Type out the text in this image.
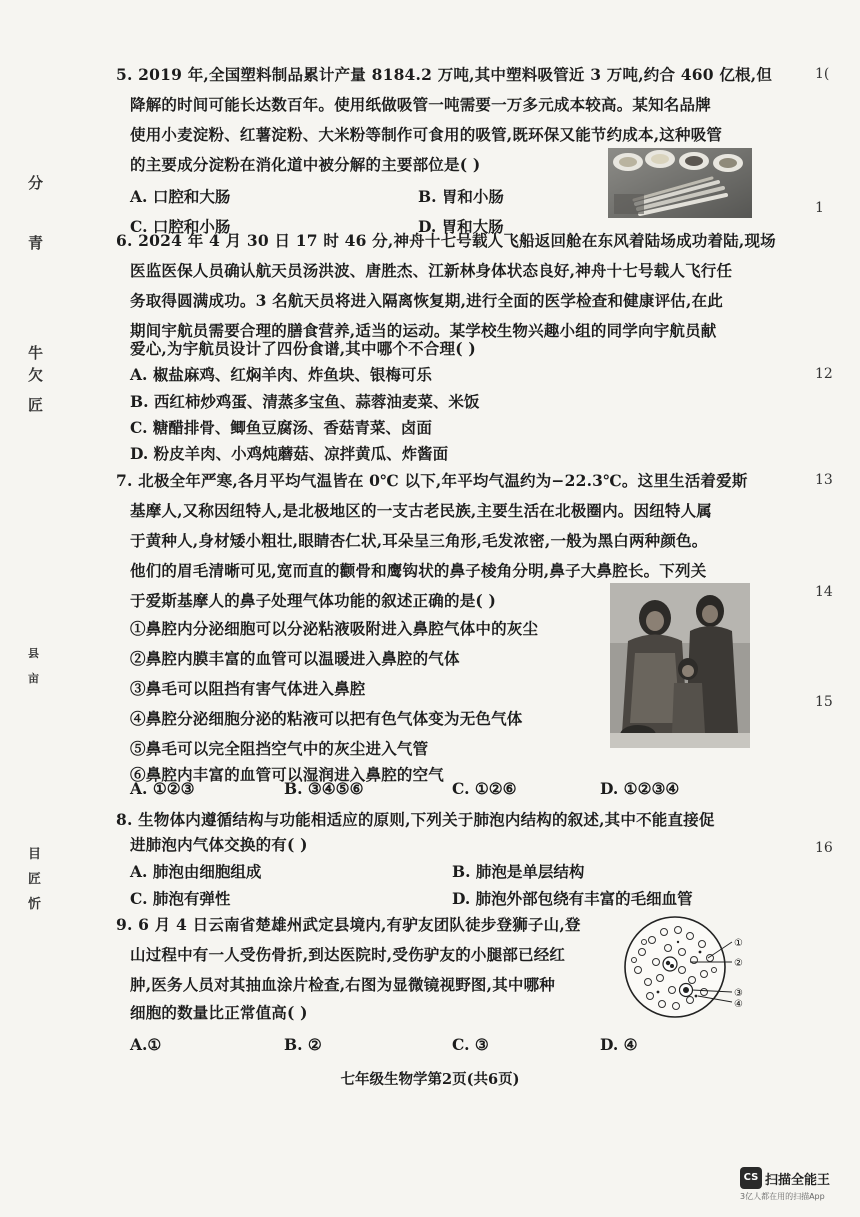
分
青
牛
欠
匠
县
亩
目
匠
忻
1(
1
12
13
14
15
16
5. 2019 年,全国塑料制品累计产量 8184.2 万吨,其中塑料吸管近 3 万吨,约合 460 亿根,但
降解的时间可能长达数百年。使用纸做吸管一吨需要一万多元成本较高。某知名品牌
使用小麦淀粉、红薯淀粉、大米粉等制作可食用的吸管,既环保又能节约成本,这种吸管
的主要成分淀粉在消化道中被分解的主要部位是( )
A. 口腔和大肠	B. 胃和小肠
C. 口腔和小肠	D. 胃和大肠
6. 2024 年 4 月 30 日 17 时 46 分,神舟十七号载人飞船返回舱在东风着陆场成功着陆,现场
医监医保人员确认航天员汤洪波、唐胜杰、江新林身体状态良好,神舟十七号载人飞行任
务取得圆满成功。3 名航天员将进入隔离恢复期,进行全面的医学检查和健康评估,在此
期间宇航员需要合理的膳食营养,适当的运动。某学校生物兴趣小组的同学向宇航员献
爱心,为宇航员设计了四份食谱,其中哪个不合理( )
A. 椒盐麻鸡、红焖羊肉、炸鱼块、银梅可乐
B. 西红柿炒鸡蛋、清蒸多宝鱼、蒜蓉油麦菜、米饭
C. 糖醋排骨、鲫鱼豆腐汤、香菇青菜、卤面
D. 粉皮羊肉、小鸡炖蘑菇、凉拌黄瓜、炸酱面
7. 北极全年严寒,各月平均气温皆在 0℃ 以下,年平均气温约为−22.3℃。这里生活着爱斯
基摩人,又称因纽特人,是北极地区的一支古老民族,主要生活在北极圈内。因纽特人属
于黄种人,身材矮小粗壮,眼睛杏仁状,耳朵呈三角形,毛发浓密,一般为黑白两种颜色。
他们的眉毛清晰可见,宽而直的颧骨和鹰钩状的鼻子棱角分明,鼻子大鼻腔长。下列关
于爱斯基摩人的鼻子处理气体功能的叙述正确的是( )
①鼻腔内分泌细胞可以分泌粘液吸附进入鼻腔气体中的灰尘
②鼻腔内膜丰富的血管可以温暖进入鼻腔的气体
③鼻毛可以阻挡有害气体进入鼻腔
④鼻腔分泌细胞分泌的粘液可以把有色气体变为无色气体
⑤鼻毛可以完全阻挡空气中的灰尘进入气管
⑥鼻腔内丰富的血管可以湿润进入鼻腔的空气
A. ①②③	B. ③④⑤⑥	C. ①②⑥	D. ①②③④
8. 生物体内遵循结构与功能相适应的原则,下列关于肺泡内结构的叙述,其中不能直接促
进肺泡内气体交换的有( )
A. 肺泡由细胞组成	B. 肺泡是单层结构
C. 肺泡有弹性	D. 肺泡外部包绕有丰富的毛细血管
9. 6 月 4 日云南省楚雄州武定县境内,有驴友团队徒步登狮子山,登
山过程中有一人受伤骨折,到达医院时,受伤驴友的小腿部已经红
肿,医务人员对其抽血涂片检查,右图为显微镜视野图,其中哪种
细胞的数量比正常值高( )
A.①	B. ②	C. ③	D. ④
①
②
③
④
七年级生物学第2页(共6页)
CS 扫描全能王
3亿人都在用的扫描App
